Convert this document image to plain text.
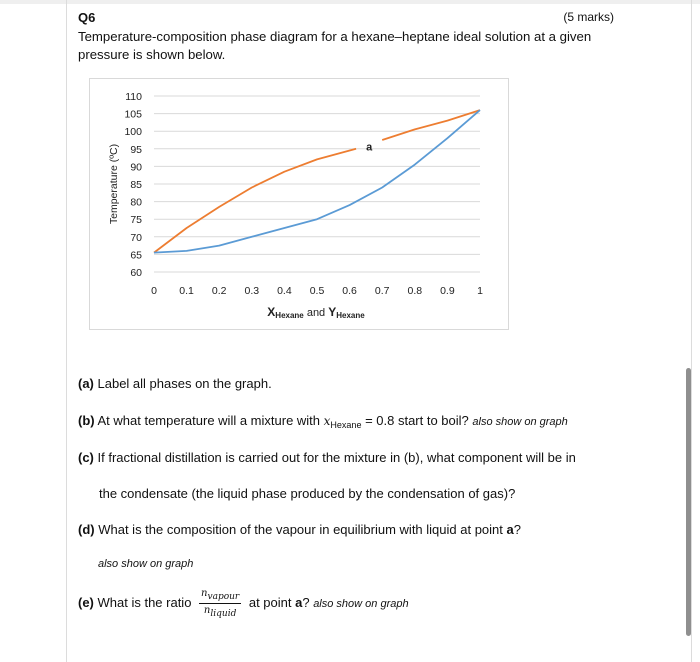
Q6	(5 marks)
Temperature-composition phase diagram for a hexane–heptane ideal solution at a given pressure is shown below.
110
105
100
95
90
85
80
75
70
65
60
0 0.1 0.2 0.3 0.4 0.5 0.6 0.7 0.8 0.9 1
Temperature (ºC)
XHexane and YHexane
a
(a) Label all phases on the graph.
(b) At what temperature will a mixture with $x_{Hexane} = 0.8$ start to boil? also show on graph
(c) If fractional distillation is carried out for the mixture in (b), what component will be in
the condensate (the liquid phase produced by the condensation of gas)?
(d) What is the composition of the vapour in equilibrium with liquid at point a?
also show on graph
(e) What is the ratio $\frac{\text{nvapour}}{\text{nliquid}}$ at point a? also show on graph
